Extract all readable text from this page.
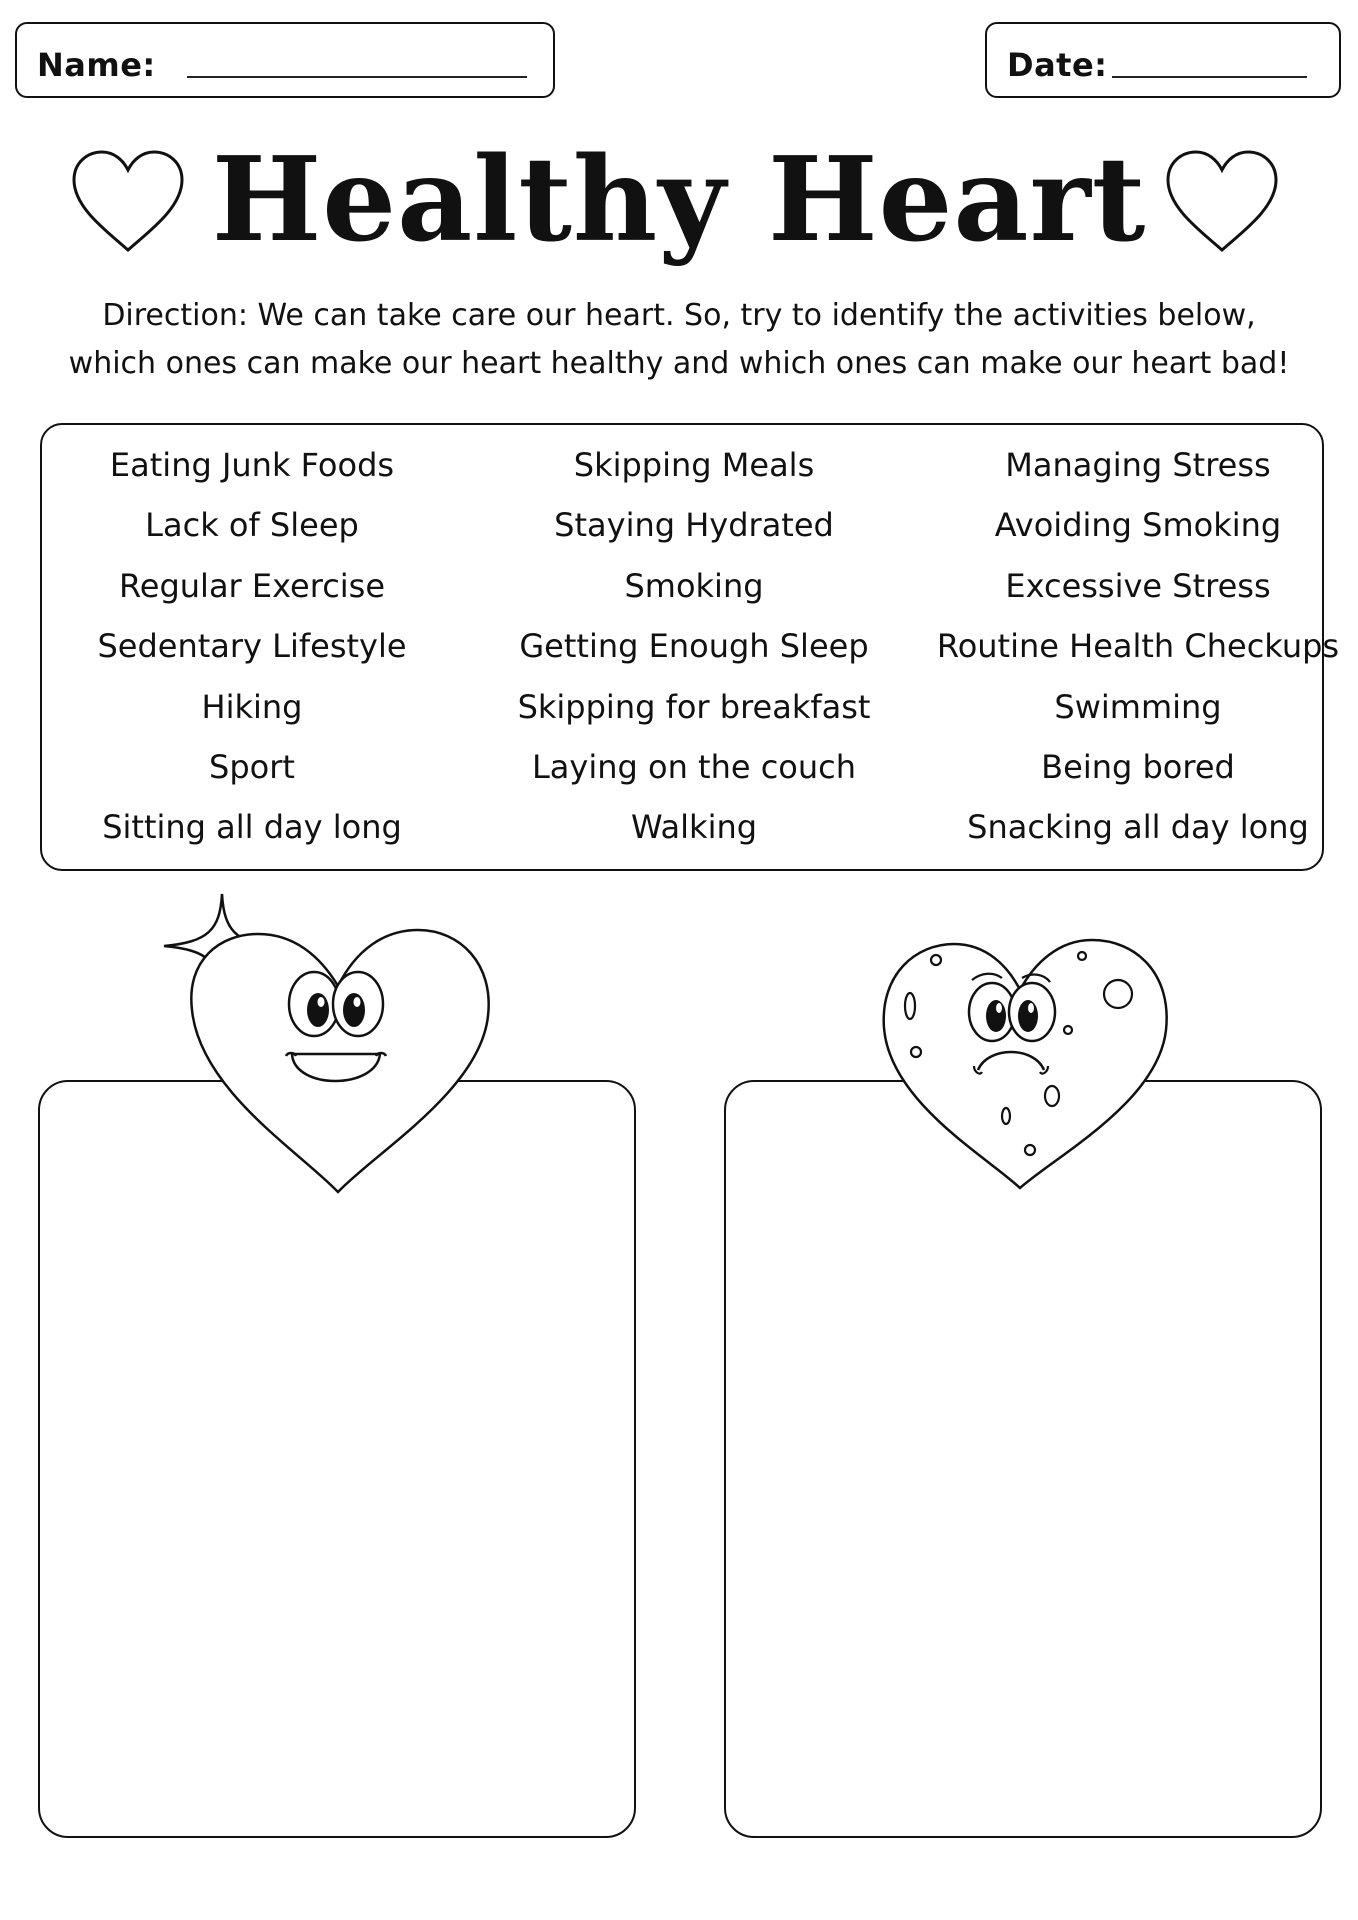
Name:	Date:
Healthy Heart
Direction: We can take care our heart. So, try to identify the activities below,
which ones can make our heart healthy and which ones can make our heart bad!
Eating Junk Foods
Lack of Sleep
Regular Exercise
Sedentary Lifestyle
Hiking
Sport
Sitting all day long
Skipping Meals
Staying Hydrated
Smoking
Getting Enough Sleep
Skipping for breakfast
Laying on the couch
Walking
Managing Stress
Avoiding Smoking
Excessive Stress
Routine Health Checkups
Swimming
Being bored
Snacking all day long
